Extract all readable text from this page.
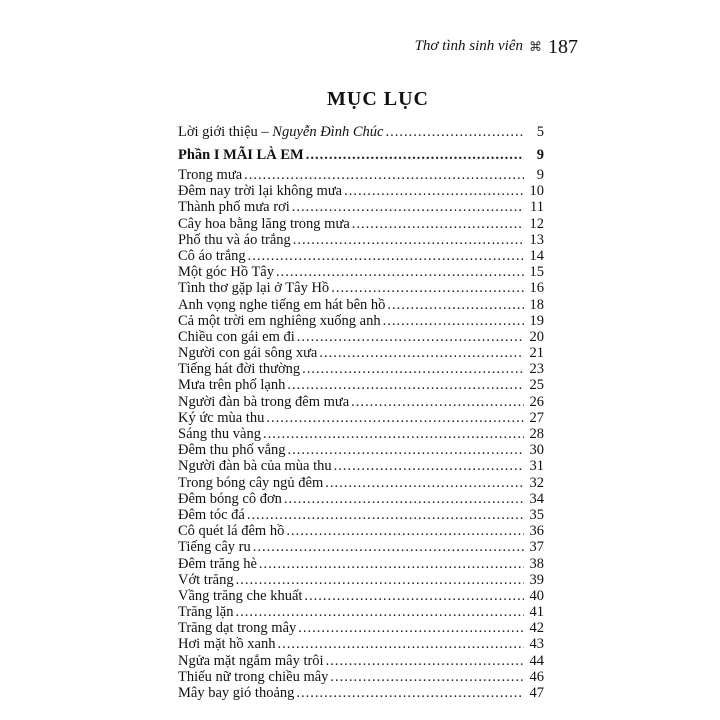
Thơ tình sinh viên ⌘ 187
MỤC LỤC
Lời giới thiệu – Nguyễn Đình Chúc .....	5
Phần I MÃI LÀ EM .....	9
Trong mưa .....	9
Đêm nay trời lại không mưa .....	10
Thành phố mưa rơi .....	11
Cây hoa bằng lăng trong mưa .....	12
Phố thu và áo trắng .....	13
Cô áo trắng .....	14
Một góc Hồ Tây .....	15
Tình thơ gặp lại ở Tây Hồ .....	16
Anh vọng nghe tiếng em hát bên hồ .....	18
Cả một trời em nghiêng xuống anh .....	19
Chiều con gái em đi .....	20
Người con gái sông xưa .....	21
Tiếng hát đời thường .....	23
Mưa trên phố lạnh .....	25
Người đàn bà trong đêm mưa .....	26
Ký ức mùa thu .....	27
Sáng thu vàng .....	28
Đêm thu phố vắng .....	30
Người đàn bà của mùa thu .....	31
Trong bóng cây ngủ đêm .....	32
Đêm bóng cô đơn .....	34
Đêm tóc đá .....	35
Cô quét lá đêm hồ .....	36
Tiếng cây ru .....	37
Đêm trăng hè .....	38
Vớt trăng .....	39
Vầng trăng che khuất .....	40
Trăng lặn .....	41
Trăng dạt trong mây .....	42
Hơi mặt hồ xanh .....	43
Ngửa mặt ngắm mây trôi .....	44
Thiếu nữ trong chiều mây .....	46
Mây bay gió thoảng .....	47
